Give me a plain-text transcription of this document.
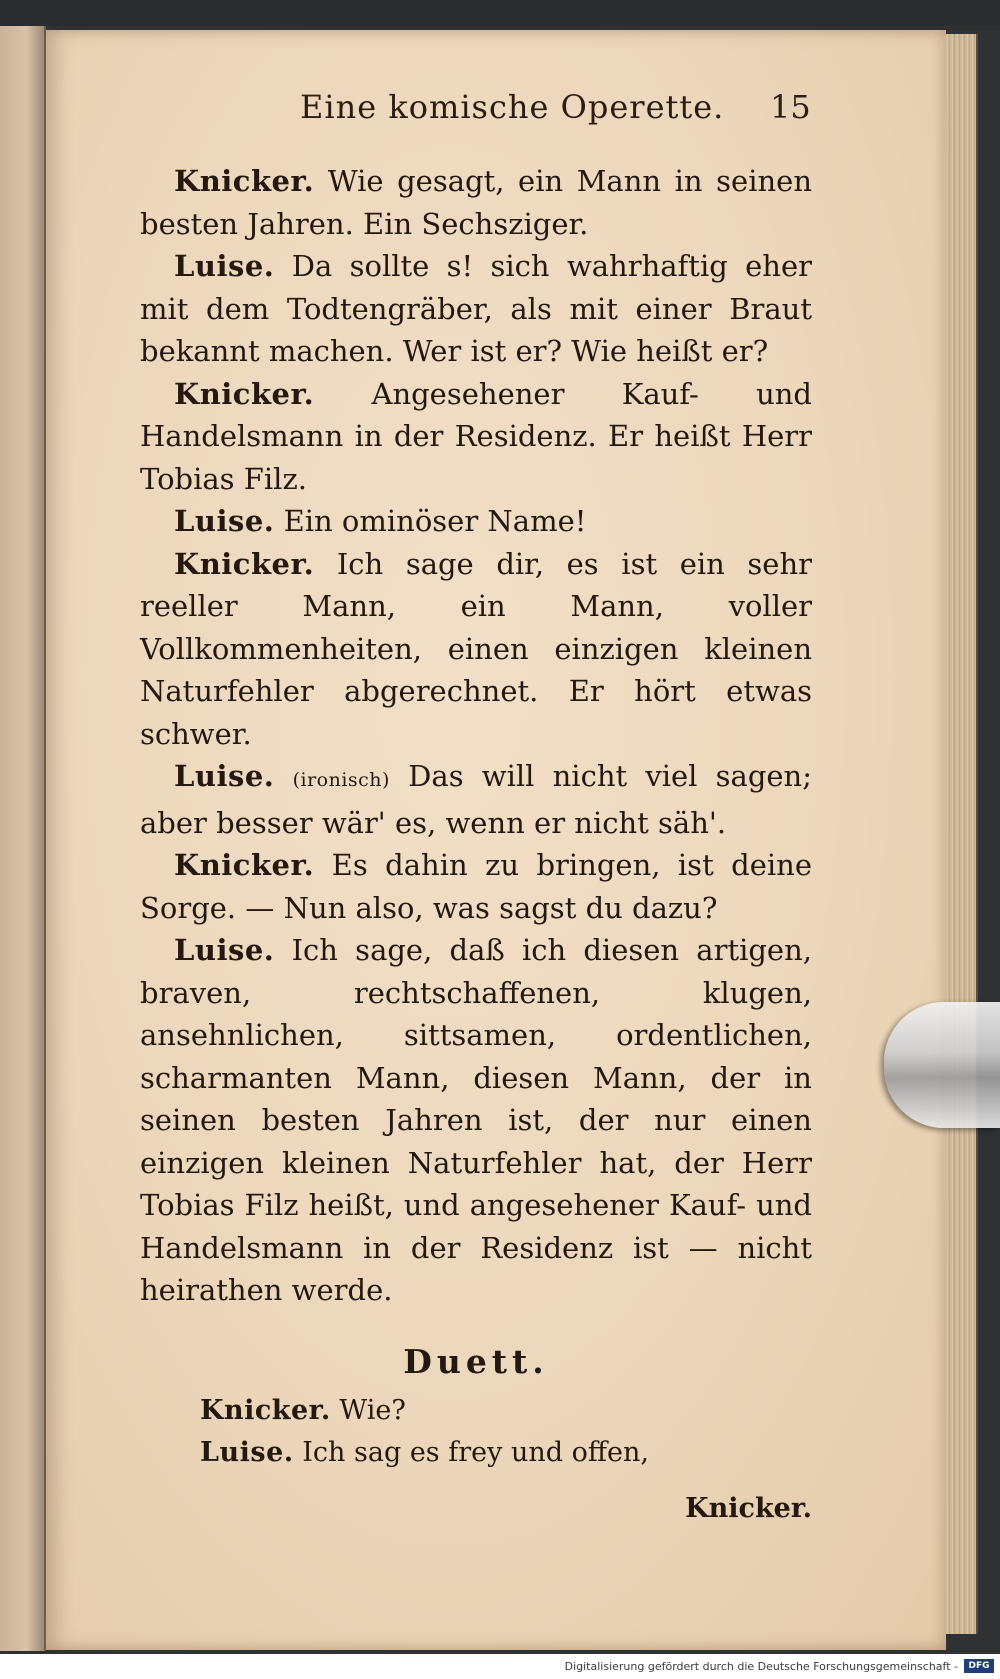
Eine komische Operette.	15

Knicker. Wie gesagt, ein Mann in seinen besten Jahren. Ein Sechsziger.

Luise. Da sollte s! sich wahrhaftig eher mit dem Todtengräber, als mit einer Braut bekannt machen. Wer ist er? Wie heißt er?

Knicker. Angesehener Kauf- und Handelsmann in der Residenz. Er heißt Herr Tobias Filz.

Luise. Ein ominöser Name!

Knicker. Ich sage dir, es ist ein sehr reeller Mann, ein Mann, voller Vollkommenheiten, einen einzigen kleinen Naturfehler abgerechnet. Er hört etwas schwer.

Luise. (ironisch) Das will nicht viel sagen; aber besser wär' es, wenn er nicht säh'.

Knicker. Es dahin zu bringen, ist deine Sorge. — Nun also, was sagst du dazu?

Luise. Ich sage, daß ich diesen artigen, braven, rechtschaffenen, klugen, ansehnlichen, sittsamen, ordentlichen, scharmanten Mann, diesen Mann, der in seinen besten Jahren ist, der nur einen einzigen kleinen Naturfehler hat, der Herr Tobias Filz heißt, und angesehener Kauf- und Handelsmann in der Residenz ist — nicht heirathen werde.

Duett.

Knicker. Wie?

Luise. Ich sag es frey und offen,

Knicker.

Digitalisierung gefördert durch die Deutsche Forschungsgemeinschaft -	DFG
